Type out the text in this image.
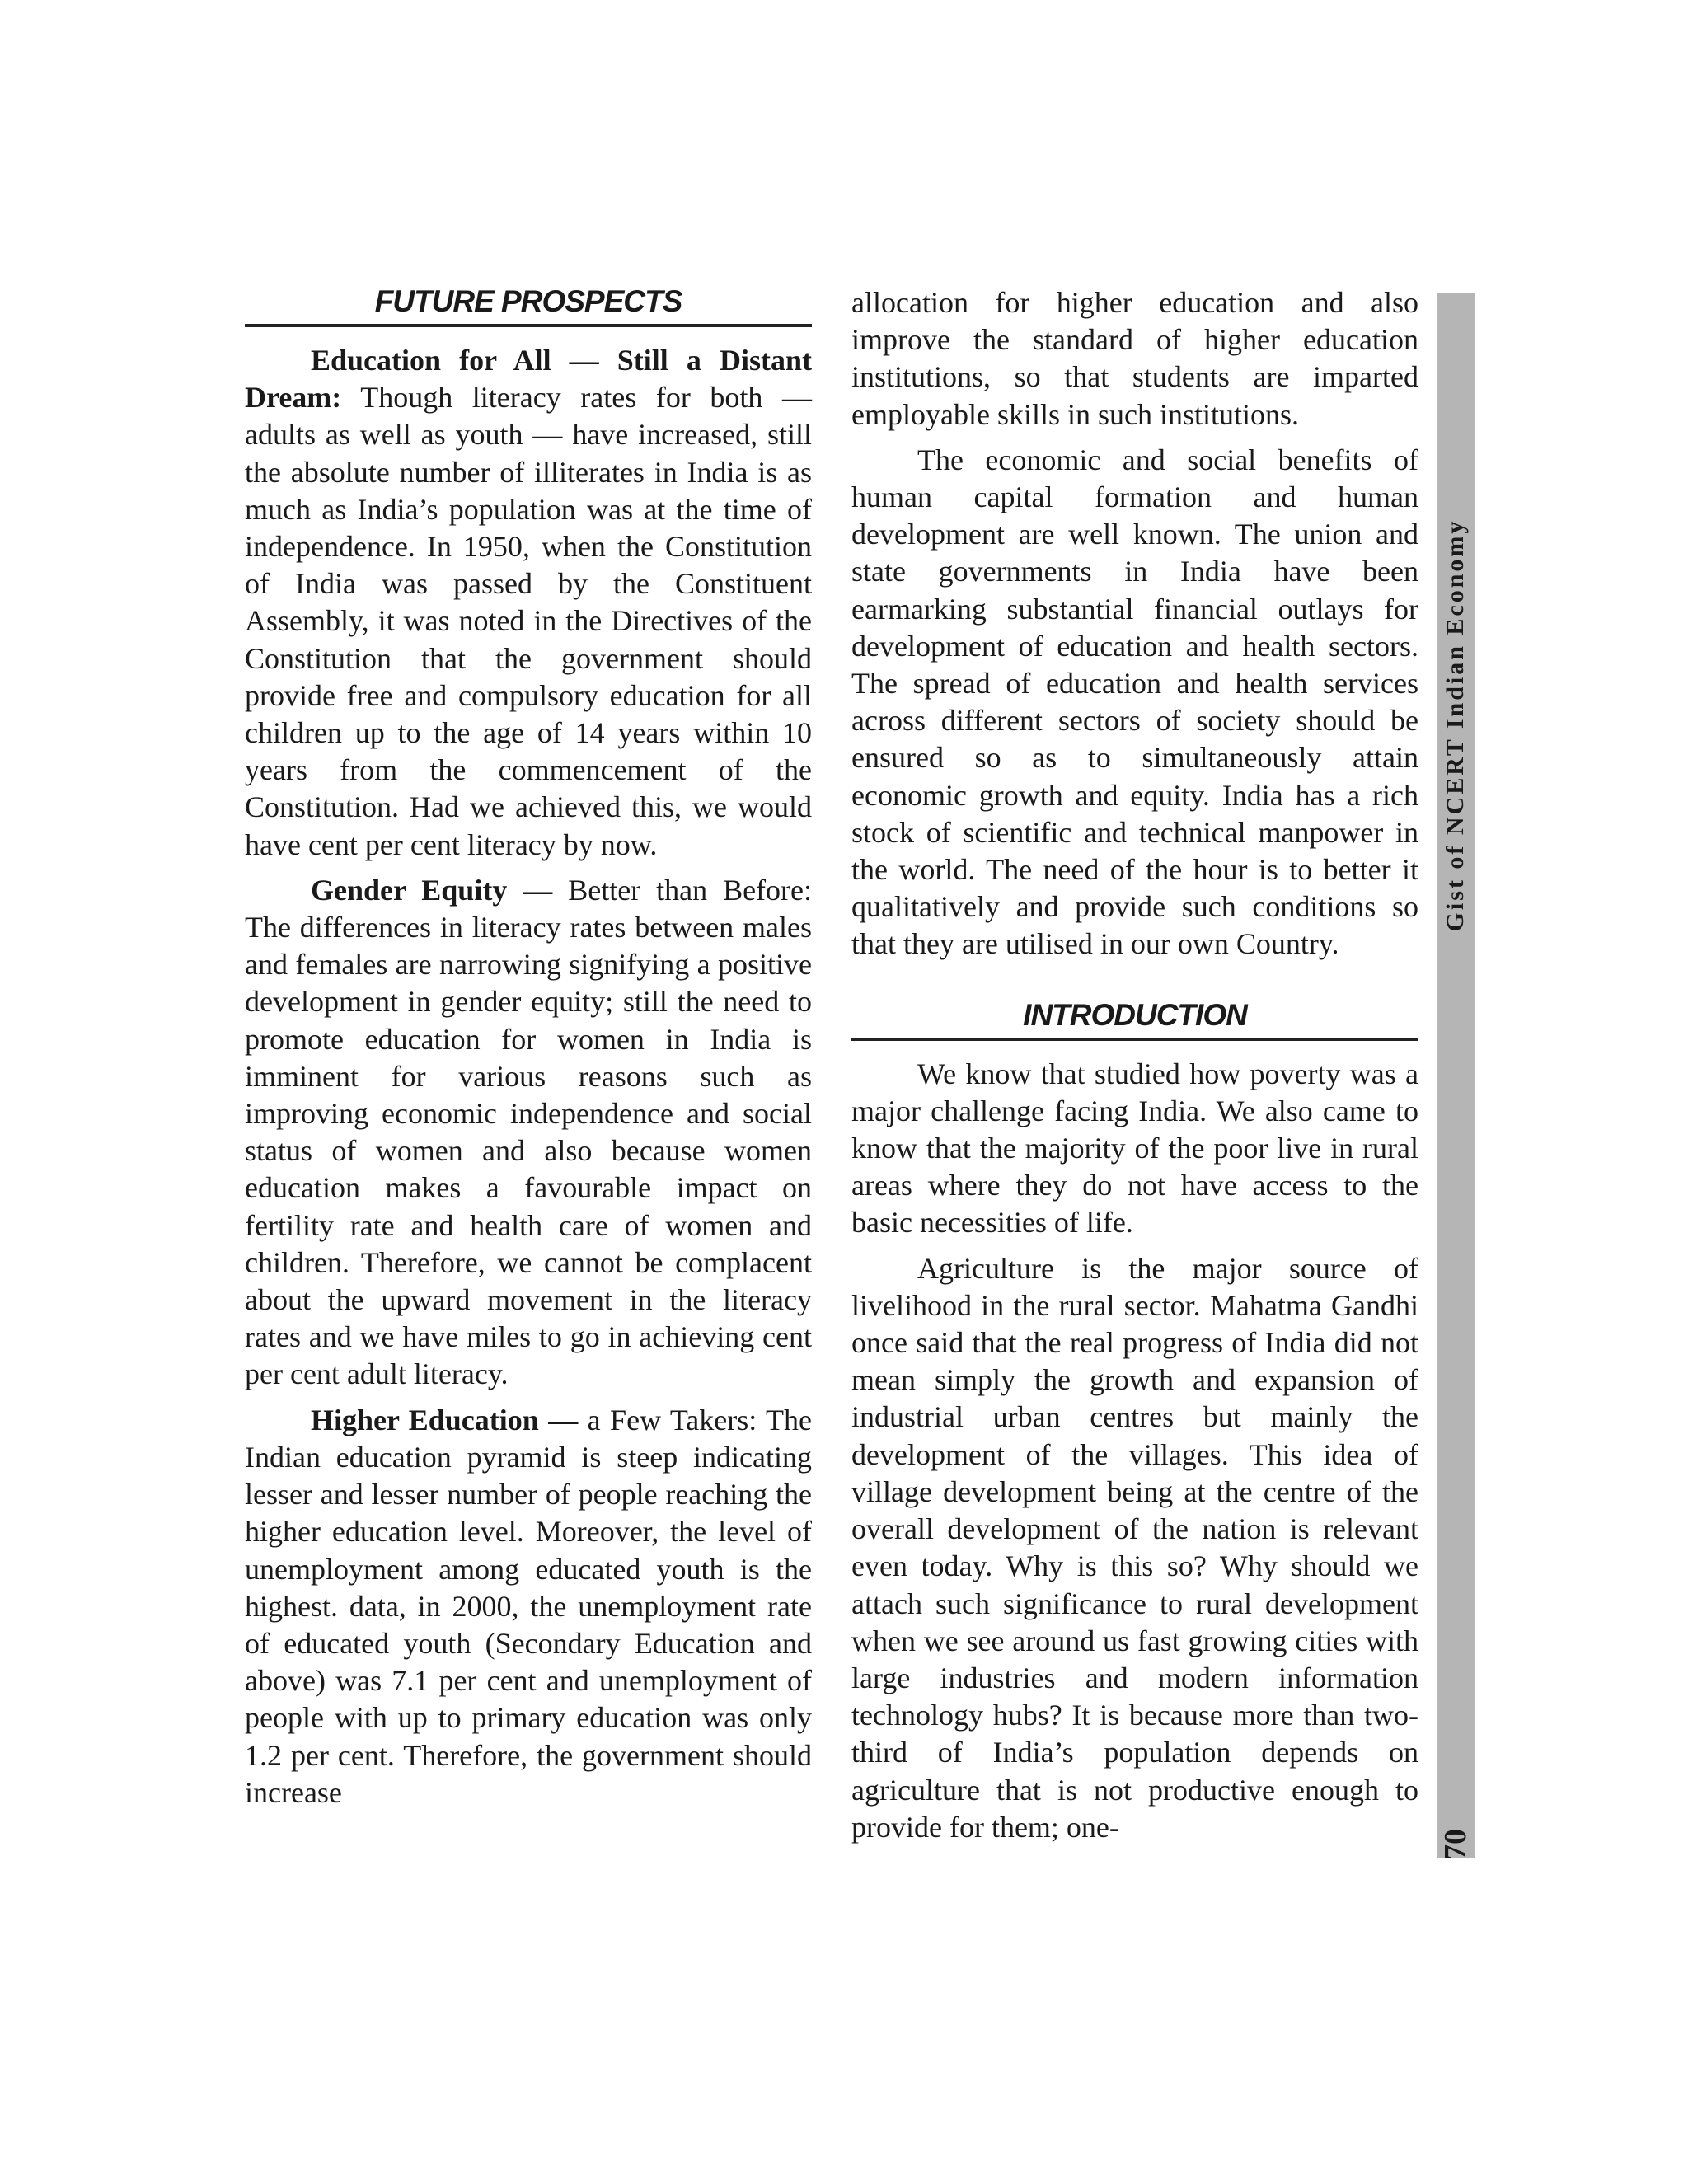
FUTURE PROSPECTS

Education for All — Still a Distant Dream: Though literacy rates for both — adults as well as youth — have increased, still the absolute number of illiterates in India is as much as India’s population was at the time of independence. In 1950, when the Constitution of India was passed by the Constituent Assembly, it was noted in the Directives of the Constitution that the government should provide free and compulsory education for all children up to the age of 14 years within 10 years from the commencement of the Constitution. Had we achieved this, we would have cent per cent literacy by now.

Gender Equity — Better than Before: The differences in literacy rates between males and females are narrowing signifying a positive development in gender equity; still the need to promote education for women in India is imminent for various reasons such as improving economic independence and social status of women and also because women education makes a favourable impact on fertility rate and health care of women and children. Therefore, we cannot be complacent about the upward movement in the literacy rates and we have miles to go in achieving cent per cent adult literacy.

Higher Education — a Few Takers: The Indian education pyramid is steep indicating lesser and lesser number of people reaching the higher education level. Moreover, the level of unemployment among educated youth is the highest. data, in 2000, the unemployment rate of educated youth (Secondary Education and above) was 7.1 per cent and unemployment of people with up to primary education was only 1.2 per cent. Therefore, the government should increase

allocation for higher education and also improve the standard of higher education institutions, so that students are imparted employable skills in such institutions.

The economic and social benefits of human capital formation and human development are well known. The union and state governments in India have been earmarking substantial financial outlays for development of education and health sectors. The spread of education and health services across different sectors of society should be ensured so as to simultaneously attain economic growth and equity. India has a rich stock of scientific and technical manpower in the world. The need of the hour is to better it qualitatively and provide such conditions so that they are utilised in our own Country.

INTRODUCTION

We know that studied how poverty was a major challenge facing India. We also came to know that the majority of the poor live in rural areas where they do not have access to the basic necessities of life.

Agriculture is the major source of livelihood in the rural sector. Mahatma Gandhi once said that the real progress of India did not mean simply the growth and expansion of industrial urban centres but mainly the development of the villages. This idea of village development being at the centre of the overall development of the nation is relevant even today. Why is this so? Why should we attach such significance to rural development when we see around us fast growing cities with large industries and modern information technology hubs? It is because more than two-third of India’s population depends on agriculture that is not productive enough to provide for them; one-

Gist of NCERT Indian Economy
70
